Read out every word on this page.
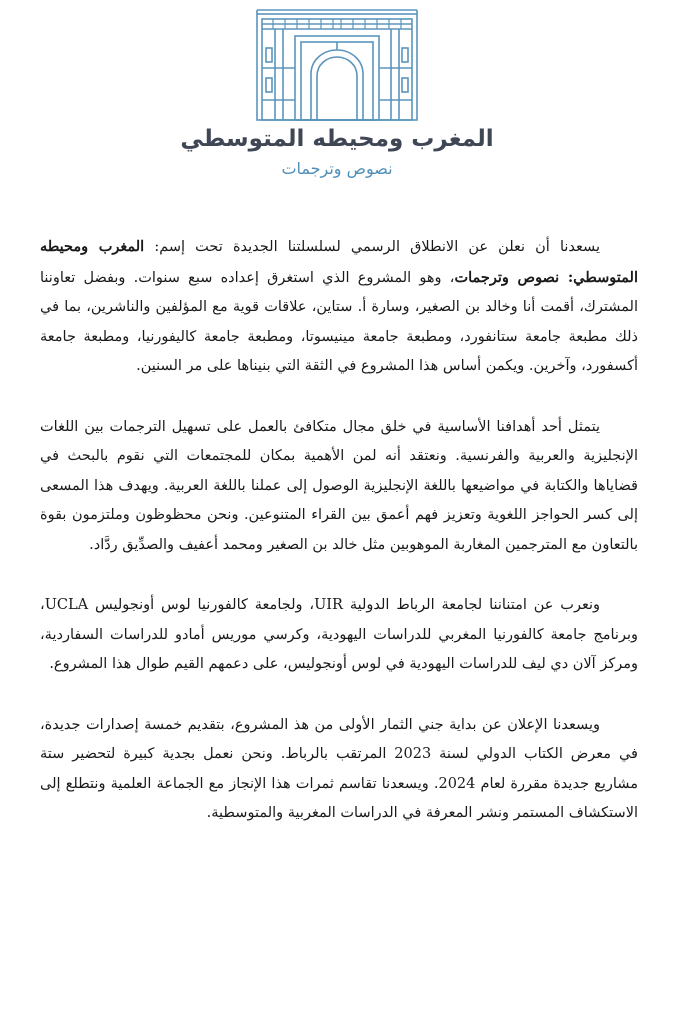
المغرب ومحيطه المتوسطي
نصوص وترجمات

يسعدنا أن نعلن عن الانطلاق الرسمي لسلسلتنا الجديدة تحت إسم: المغرب ومحيطه المتوسطي: نصوص وترجمات، وهو المشروع الذي استغرق إعداده سبع سنوات. وبفضل تعاوننا المشترك، أقمت أنا وخالد بن الصغير، وسارة أ. ستاين، علاقات قوية مع المؤلفين والناشرين، بما في ذلك مطبعة جامعة ستانفورد، ومطبعة جامعة مينيسوتا، ومطبعة جامعة كاليفورنيا، ومطبعة جامعة أكسفورد، وآخرين. ويكمن أساس هذا المشروع في الثقة التي بنيناها على مر السنين.

يتمثل أحد أهدافنا الأساسية في خلق مجال متكافئ بالعمل على تسهيل الترجمات بين اللغات الإنجليزية والعربية والفرنسية. ونعتقد أنه لمن الأهمية بمكان للمجتمعات التي نقوم بالبحث في قضاياها والكتابة في مواضيعها باللغة الإنجليزية الوصول إلى عملنا باللغة العربية. ويهدف هذا المسعى إلى كسر الحواجز اللغوية وتعزيز فهم أعمق بين القراء المتنوعين. ونحن محظوظون وملتزمون بقوة بالتعاون مع المترجمين المغاربة الموهوبين مثل خالد بن الصغير ومحمد أعفيف والصدِّيق ردَّاد.

ونعرب عن امتناننا لجامعة الرباط الدولية UIR، ولجامعة كالفورنيا لوس أونجوليس UCLA، وبرنامج جامعة كالفورنيا المغربي للدراسات اليهودية، وكرسي موريس أمادو للدراسات السفاردية، ومركز آلان دي ليف للدراسات اليهودية في لوس أونجوليس، على دعمهم القيم طوال هذا المشروع.

ويسعدنا الإعلان عن بداية جني الثمار الأولى من هذ المشروع، بتقديم خمسة إصدارات جديدة، في معرض الكتاب الدولي لسنة 2023 المرتقب بالرباط. ونحن نعمل بجدية كبيرة لتحضير ستة مشاريع جديدة مقررة لعام 2024. ويسعدنا تقاسم ثمرات هذا الإنجاز مع الجماعة العلمية ونتطلع إلى الاستكشاف المستمر ونشر المعرفة في الدراسات المغربية والمتوسطية.
